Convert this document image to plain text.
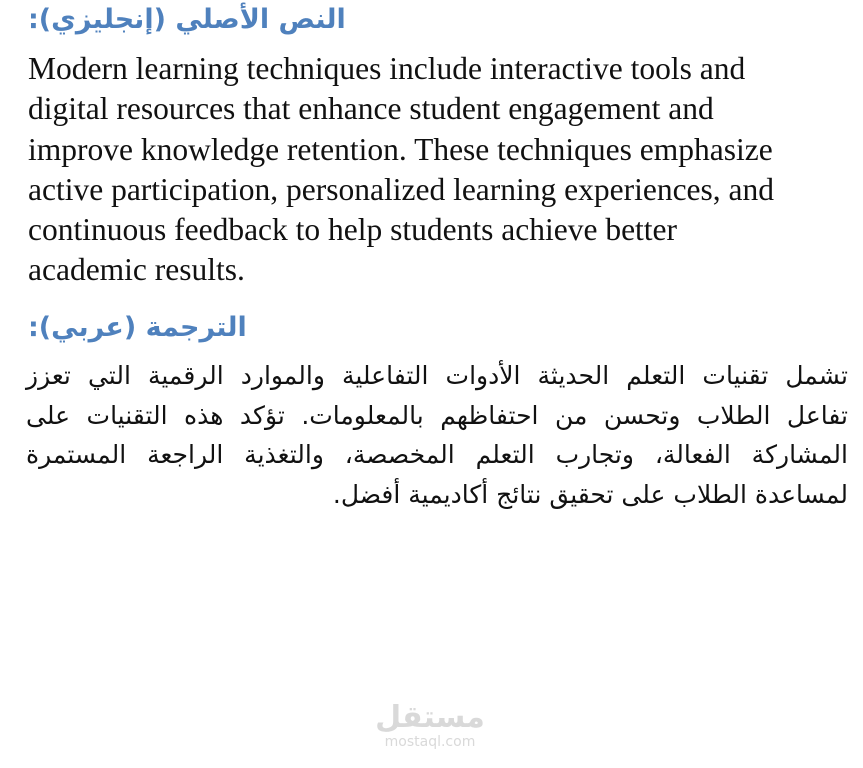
النص الأصلي (إنجليزي):
Modern learning techniques include interactive tools and
digital resources that enhance student engagement and
improve knowledge retention. These techniques emphasize
active participation, personalized learning experiences, and
continuous feedback to help students achieve better
academic results.
الترجمة (عربي):
تشمل تقنيات التعلم الحديثة الأدوات التفاعلية والموارد الرقمية التي تعزز
تفاعل الطلاب وتحسن من احتفاظهم بالمعلومات. تؤكد هذه التقنيات على
المشاركة الفعالة، وتجارب التعلم المخصصة، والتغذية الراجعة المستمرة
لمساعدة الطلاب على تحقيق نتائج أكاديمية أفضل.
مستقل
mostaql.com
